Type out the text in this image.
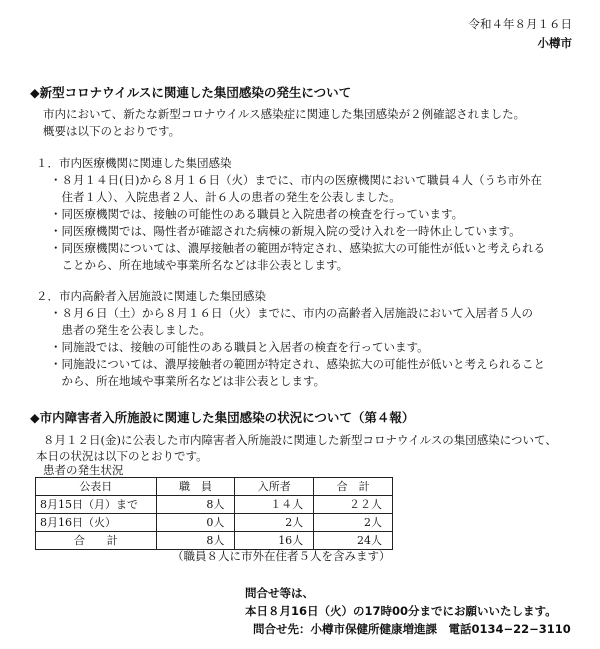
令和４年８月１６日
小樽市
◆新型コロナウイルスに関連した集団感染の発生について
市内において、新たな新型コロナウイルス感染症に関連した集団感染が２例確認されました。
概要は以下のとおりです。
１．市内医療機関に関連した集団感染
・８月１４日(日)から８月１６日（火）までに、市内の医療機関において職員４人（うち市外在
　住者１人）、入院患者２人、計６人の患者の発生を公表しました。
・同医療機関では、接触の可能性のある職員と入院患者の検査を行っています。
・同医療機関では、陽性者が確認された病棟の新規入院の受け入れを一時休止しています。
・同医療機関については、濃厚接触者の範囲が特定され、感染拡大の可能性が低いと考えられる
　ことから、所在地域や事業所名などは非公表とします。
２．市内高齢者入居施設に関連した集団感染
・８月６日（土）から８月１６日（火）までに、市内の高齢者入居施設において入居者５人の
　患者の発生を公表しました。
・同施設では、接触の可能性のある職員と入居者の検査を行っています。
・同施設については、濃厚接触者の範囲が特定され、感染拡大の可能性が低いと考えられること
　から、所在地域や事業所名などは非公表とします。
◆市内障害者入所施設に関連した集団感染の状況について（第４報）
８月１２日(金)に公表した市内障害者入所施設に関連した新型コロナウイルスの集団感染について、
本日の状況は以下のとおりです。
患者の発生状況
公表日	職　員	入所者	合　計
8月15日（月）まで	8人	１４人	２２人
8月16日（火）	0人	2人	2人
合　　計	8人	16人	24人
（職員８人に市外在住者５人を含みます）
問合せ等は、
本日８月16日（火）の17時00分までにお願いいたします。
問合せ先：小樽市保健所健康増進課　電話0134−22−3110
